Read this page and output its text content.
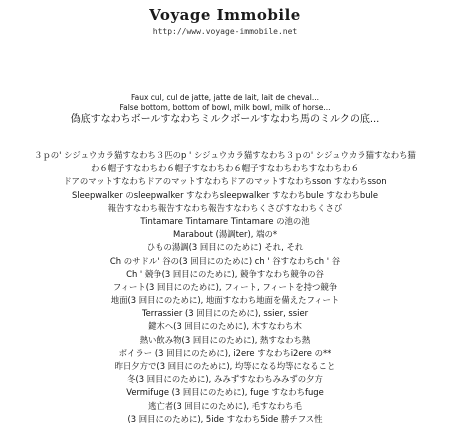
Voyage Immobile
http://www.voyage-immobile.net
Faux cul, cul de jatte, jatte de lait, lait de cheval...
False bottom, bottom of bowl, milk bowl, milk of horse...
偽底すなわちボールすなわちミルクボールすなわち馬のミルクの底...
３ｐの' シジュウカラ猫すなわち３匹のp ' シジュウカラ猫すなわち３ｐの' シジュウカラ猫すなわち猫
わ６帽子すなわちわ６帽子すなわちわ６帽子すなわちわちすなわちわ６
ドアのマットすなわちドアのマットすなわちドアのマットすなわちsson すなわちsson
Sleepwalker のsleepwalker すなわちsleepwalker すなわちbule すなわちbule
報告すなわち報告すなわち報告すなわちくさびすなわちくさび
Tintamare Tintamare Tintamare の池の池
Marabout (湯調ter), 端の*
ひもの湯調(3 回目にのために) それ, それ
Ch のサドル' 谷の(3 回目にのために) ch ' 谷すなわちch ' 谷
Ch ' 競争(3 回目にのために), 競争すなわち競争の谷
フィート(3 回目にのために), フィート, フィートを持つ競争
地面(3 回目にのために), 地面すなわち地面を備えたフィート
Terrassier (3 回目にのために), ssier, ssier
鍵木へ(3 回目にのために), 木すなわち木
熱い飲み物(3 回目にのために), 熱すなわち熱
ボイラー (3 回目にのために), i2ere すなわちi2ere の**
昨日夕方で(3 回目にのために), 均等になる均等になること
冬(3 回目にのために), みみずすなわちみみずの夕方
Vermifuge (3 回目にのために), fuge すなわちfuge
逃亡者(3 回目にのために), 毛すなわち毛
(3 回目にのために), 5ide すなわち5ide 勝チフス性
